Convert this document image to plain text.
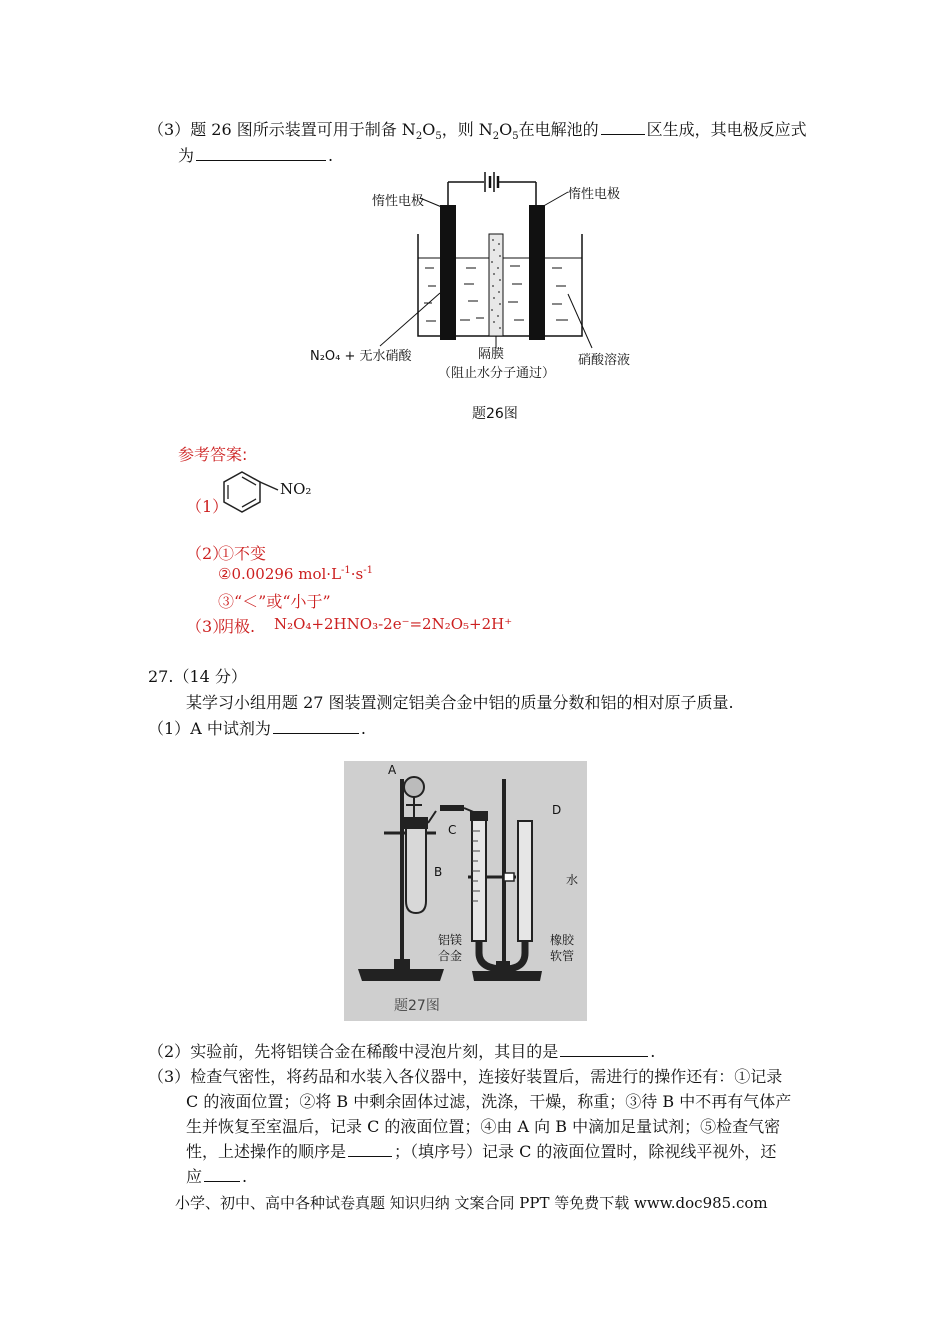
（3）题 26 图所示装置可用于制备 $N_2O_5$，则 $N_2O_5$在电解池的	区生成，其电极反应式
为	.
惰性电极	惰性电极
N₂O₄ + 无水硝酸	隔膜
（阻止水分子通过）
硝酸溶液
题26图
参考答案:
（1）
NO₂
（2）
①不变
②0.00296 $mol\cdot L^{-1}\cdot s^{-1}$
③“＜”或“小于”
（3）
阴极. N₂O₄+2HNO₃-2e⁻=2N₂O₅+2H⁺
27.（14 分）
某学习小组用题 27 图装置测定铝美合金中铝的质量分数和铝的相对原子质量.
（1）A 中试剂为	.
A
B
C
D
水
铝镁
合金
橡胶
软管
题27图
（2）实验前，先将铝镁合金在稀酸中浸泡片刻，其目的是	.
（3）检查气密性，将药品和水装入各仪器中，连接好装置后，需进行的操作还有：①记录
C 的液面位置；②将 B 中剩余固体过滤，洗涤，干燥，称重；③待 B 中不再有气体产
生并恢复至室温后，记录 C 的液面位置；④由 A 向 B 中滴加足量试剂；⑤检查气密
性，上述操作的顺序是	；（填序号）记录 C 的液面位置时，除视线平视外，还
应	.
小学、初中、高中各种试卷真题 知识归纳 文案合同 PPT 等免费下载 www.doc985.com
